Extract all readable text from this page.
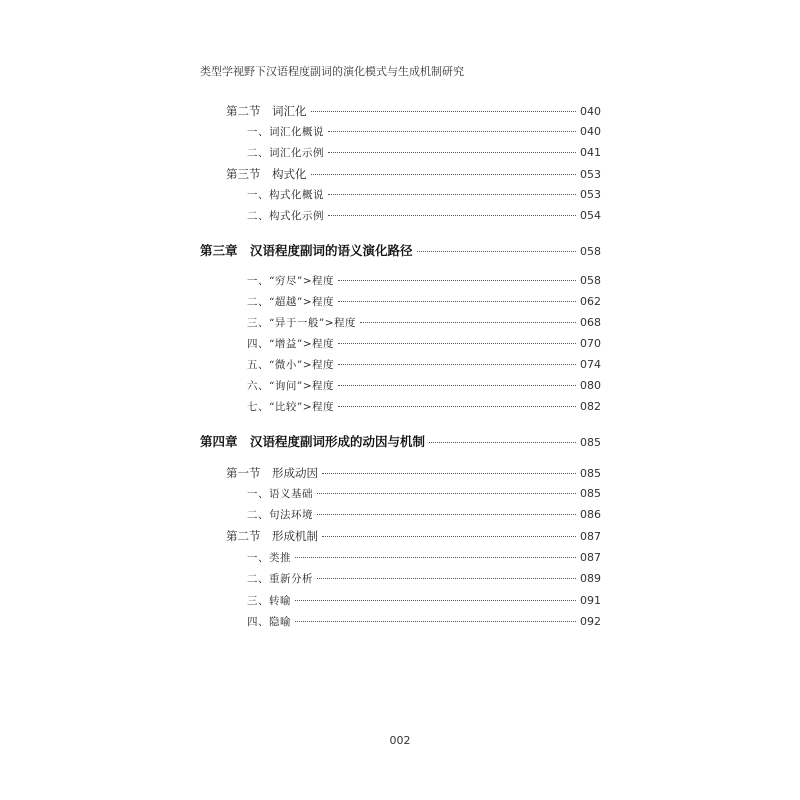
类型学视野下汉语程度副词的演化模式与生成机制研究
第二节　词汇化	040
一、词汇化概说	040
二、词汇化示例	041
第三节　构式化	053
一、构式化概说	053
二、构式化示例	054
第三章　汉语程度副词的语义演化路径	058
一、“穷尽”>程度	058
二、“超越”>程度	062
三、“异于一般”>程度	068
四、“增益”>程度	070
五、“微小”>程度	074
六、“询问”>程度	080
七、“比较”>程度	082
第四章　汉语程度副词形成的动因与机制	085
第一节　形成动因	085
一、语义基础	085
二、句法环境	086
第二节　形成机制	087
一、类推	087
二、重新分析	089
三、转喻	091
四、隐喻	092
002
